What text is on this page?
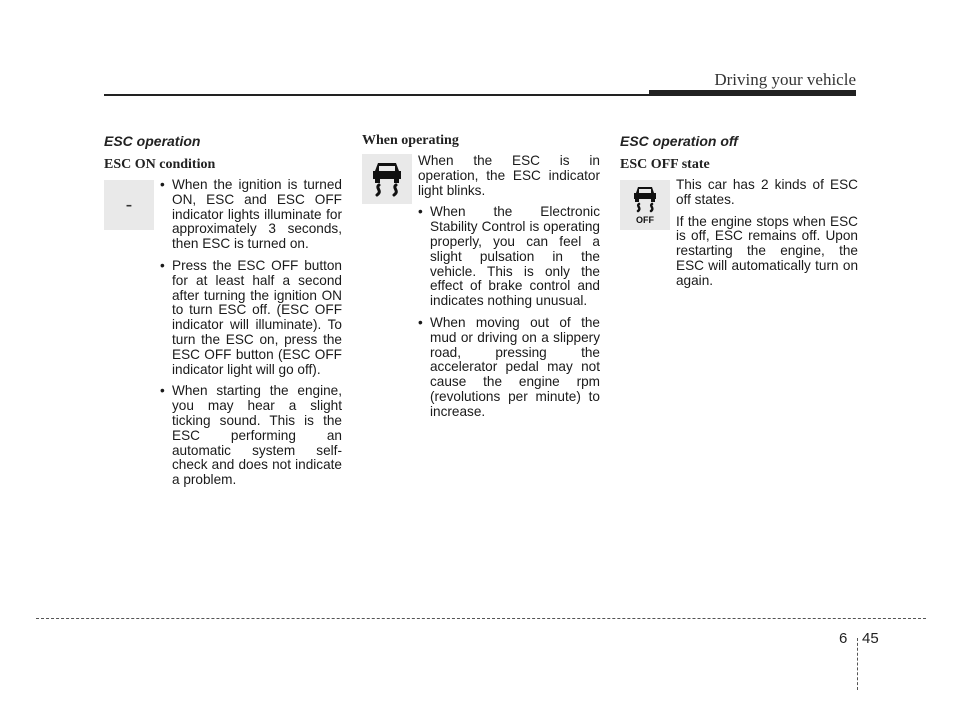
Driving your vehicle
ESC operation
ESC ON condition
-
• When the ignition is turned ON, ESC and ESC OFF indicator lights illuminate for approximately 3 seconds, then ESC is turned on.
• Press the ESC OFF button for at least half a second after turning the ignition ON to turn ESC off. (ESC OFF indicator will illuminate). To turn the ESC on, press the ESC OFF button (ESC OFF indicator light will go off).
• When starting the engine, you may hear a slight ticking sound. This is the ESC performing an automatic system self-check and does not indicate a problem.
When operating

When the ESC is in operation, the ESC indicator light blinks.

• When the Electronic Stability Control is operating properly, you can feel a slight pulsation in the vehicle. This is only the effect of brake control and indicates nothing unusual.
• When moving out of the mud or driving on a slippery road, pressing the accelerator pedal may not cause the engine rpm (revolutions per minute) to increase.
ESC operation off
ESC OFF state
OFF

This car has 2 kinds of ESC off states.

If the engine stops when ESC is off, ESC remains off. Upon restarting the engine, the ESC will automatically turn on again.

6 45
